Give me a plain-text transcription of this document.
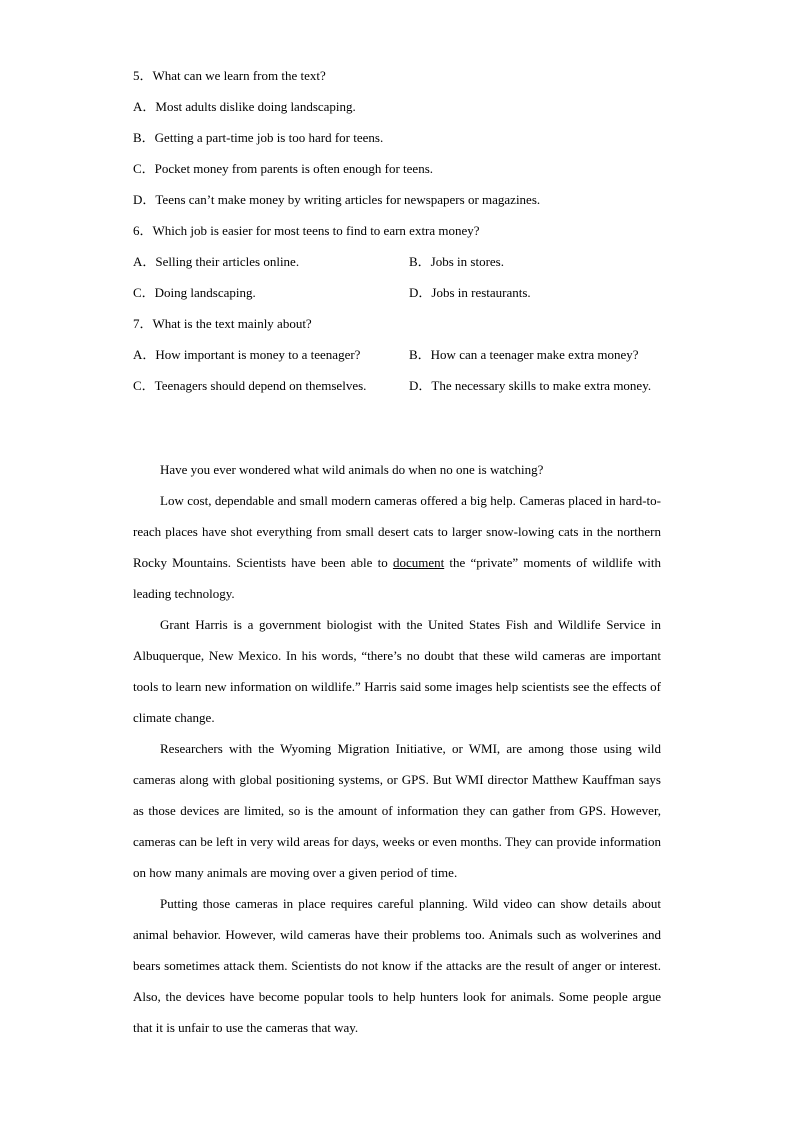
5．What can we learn from the text?
A．Most adults dislike doing landscaping.
B．Getting a part-time job is too hard for teens.
C．Pocket money from parents is often enough for teens.
D．Teens can’t make money by writing articles for newspapers or magazines.
6．Which job is easier for most teens to find to earn extra money?
A．Selling their articles online.	B．Jobs in stores.
C．Doing landscaping.	D．Jobs in restaurants.
7．What is the text mainly about?
A．How important is money to a teenager?	B．How can a teenager make extra money?
C．Teenagers should depend on themselves.	D．The necessary skills to make extra money.

Have you ever wondered what wild animals do when no one is watching?

Low cost, dependable and small modern cameras offered a big help. Cameras placed in hard-to-reach places have shot everything from small desert cats to larger snow-lowing cats in the northern Rocky Mountains. Scientists have been able to document the “private” moments of wildlife with leading technology.

Grant Harris is a government biologist with the United States Fish and Wildlife Service in Albuquerque, New Mexico. In his words, “there’s no doubt that these wild cameras are important tools to learn new information on wildlife.” Harris said some images help scientists see the effects of climate change.

Researchers with the Wyoming Migration Initiative, or WMI, are among those using wild cameras along with global positioning systems, or GPS. But WMI director Matthew Kauffman says as those devices are limited, so is the amount of information they can gather from GPS. However, cameras can be left in very wild areas for days, weeks or even months. They can provide information on how many animals are moving over a given period of time.

Putting those cameras in place requires careful planning. Wild video can show details about animal behavior. However, wild cameras have their problems too. Animals such as wolverines and bears sometimes attack them. Scientists do not know if the attacks are the result of anger or interest. Also, the devices have become popular tools to help hunters look for animals. Some people argue that it is unfair to use the cameras that way.
